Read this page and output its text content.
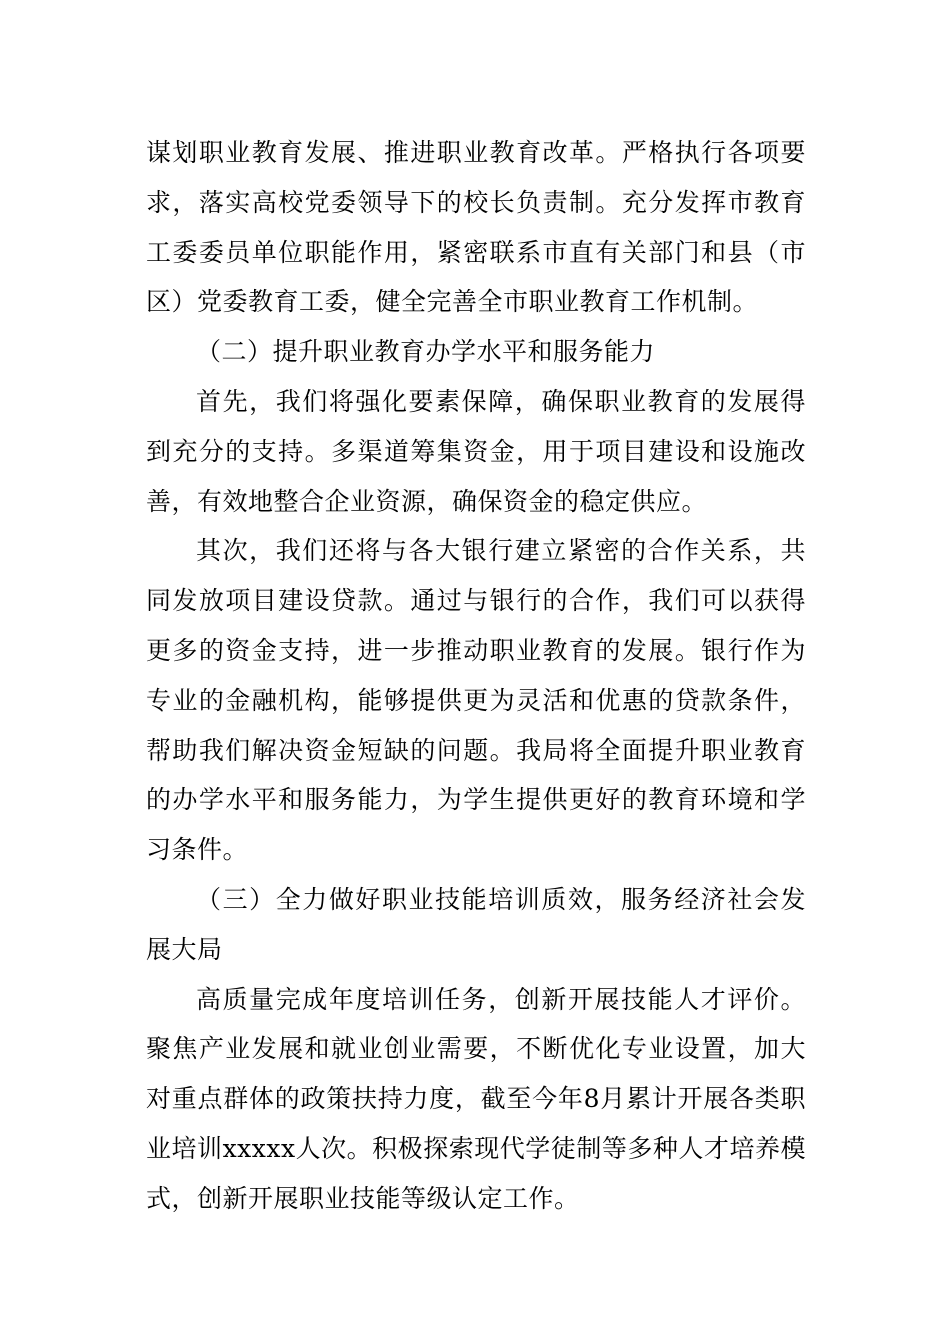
谋划职业教育发展、推进职业教育改革。严格执行各项要求，落实高校党委领导下的校长负责制。充分发挥市教育工委委员单位职能作用，紧密联系市直有关部门和县（市区）党委教育工委，健全完善全市职业教育工作机制。

（二）提升职业教育办学水平和服务能力

首先，我们将强化要素保障，确保职业教育的发展得到充分的支持。多渠道筹集资金，用于项目建设和设施改善，有效地整合企业资源，确保资金的稳定供应。

其次，我们还将与各大银行建立紧密的合作关系，共同发放项目建设贷款。通过与银行的合作，我们可以获得更多的资金支持，进一步推动职业教育的发展。银行作为专业的金融机构，能够提供更为灵活和优惠的贷款条件，帮助我们解决资金短缺的问题。我局将全面提升职业教育的办学水平和服务能力，为学生提供更好的教育环境和学习条件。

（三）全力做好职业技能培训质效，服务经济社会发展大局

高质量完成年度培训任务，创新开展技能人才评价。聚焦产业发展和就业创业需要，不断优化专业设置，加大对重点群体的政策扶持力度，截至今年8月累计开展各类职业培训xxxxx人次。积极探索现代学徒制等多种人才培养模式，创新开展职业技能等级认定工作。
